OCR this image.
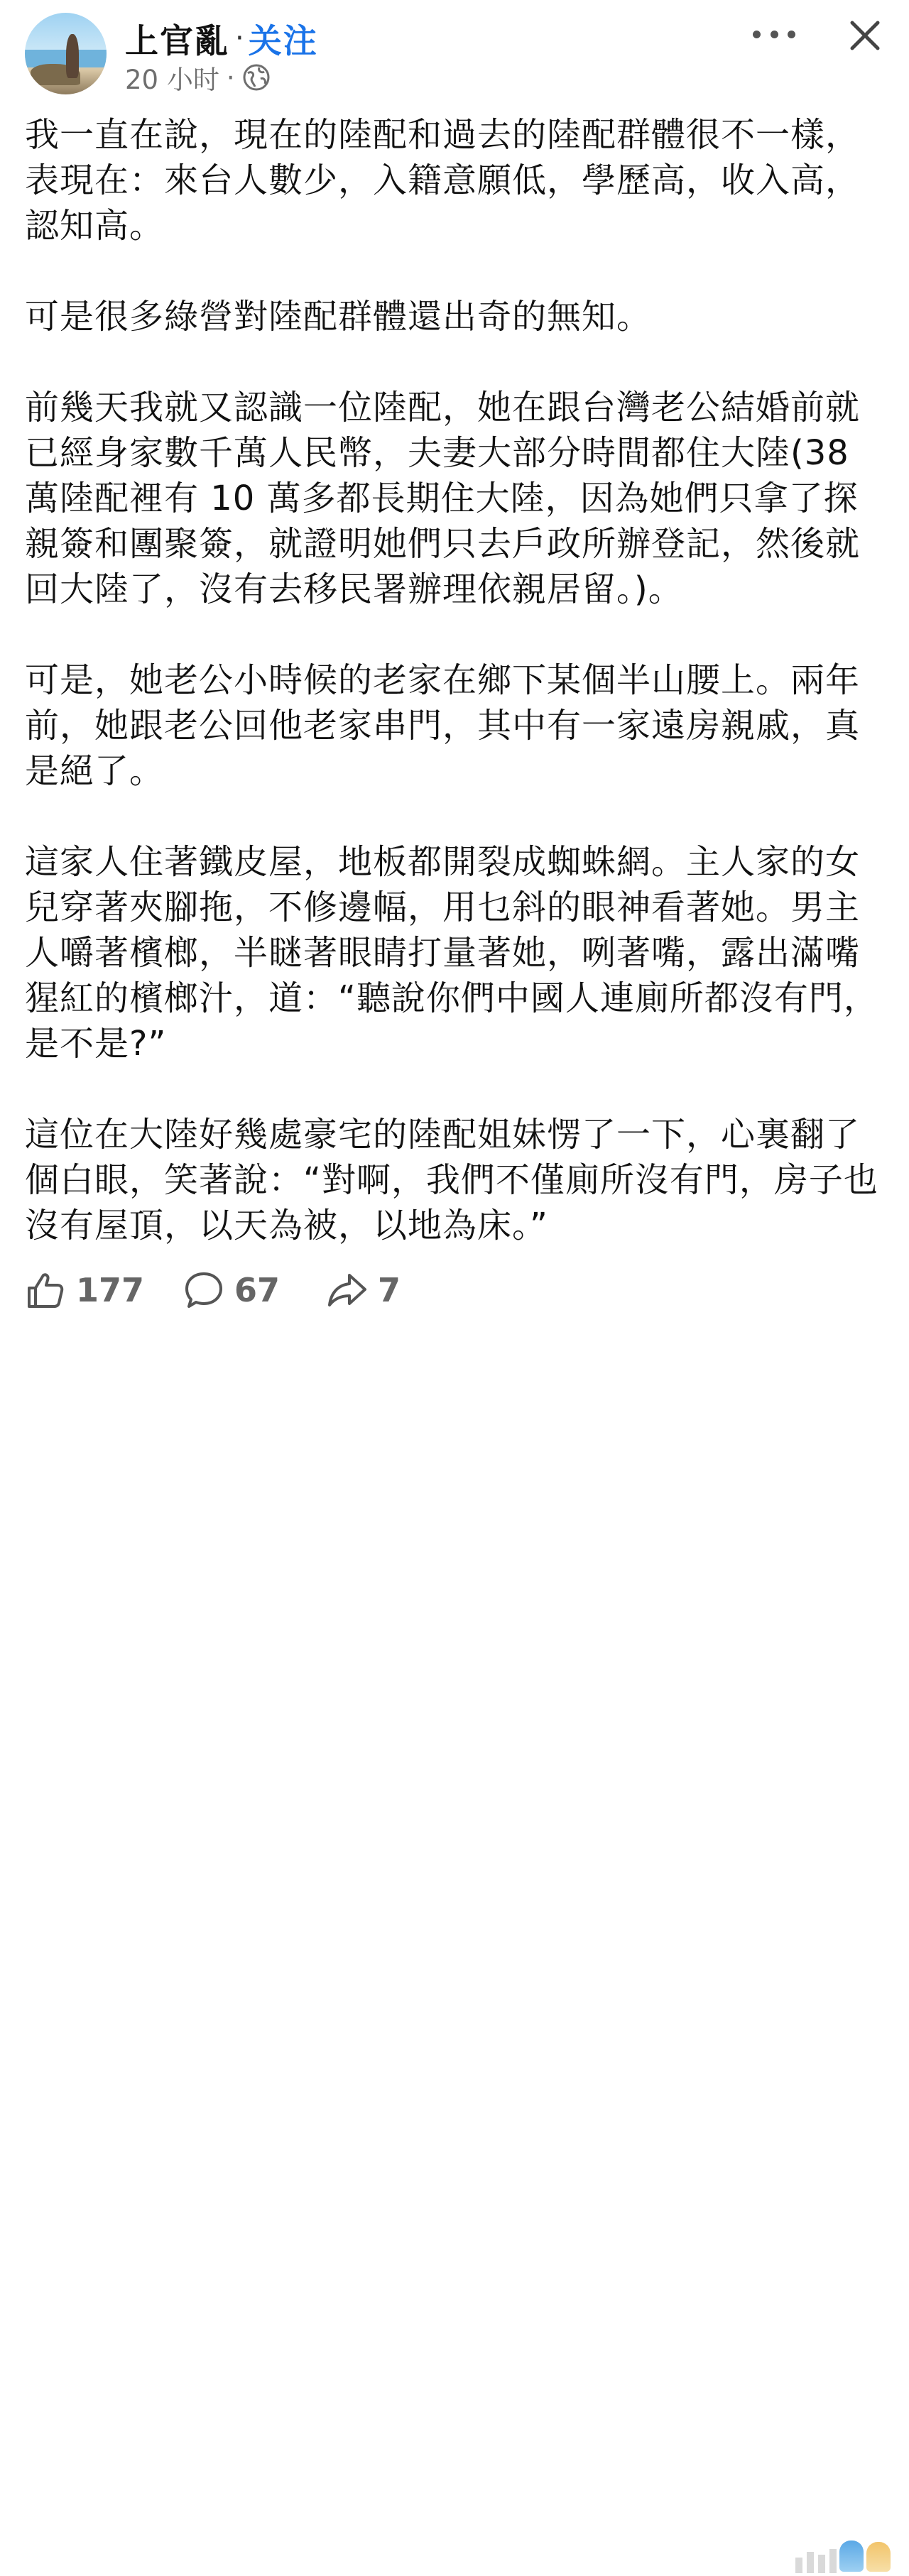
上官亂 · 关注
20 小时 ·

我一直在說，現在的陸配和過去的陸配群體很不一樣，表現在：來台人數少，入籍意願低，學歷高，收入高，認知高。

可是很多綠營對陸配群體還出奇的無知。

前幾天我就又認識一位陸配，她在跟台灣老公結婚前就已經身家數千萬人民幣，夫妻大部分時間都住大陸(38 萬陸配裡有 10 萬多都長期住大陸，因為她們只拿了探親簽和團聚簽，就證明她們只去戶政所辦登記，然後就回大陸了，沒有去移民署辦理依親居留。)。

可是，她老公小時候的老家在鄉下某個半山腰上。兩年前，她跟老公回他老家串門，其中有一家遠房親戚，真是絕了。

這家人住著鐵皮屋，地板都開裂成蜘蛛網。主人家的女兒穿著夾腳拖，不修邊幅，用乜斜的眼神看著她。男主人嚼著檳榔，半瞇著眼睛打量著她，咧著嘴，露出滿嘴猩紅的檳榔汁，道：“聽說你們中國人連廁所都沒有門，是不是?”

這位在大陸好幾處豪宅的陸配姐妹愣了一下，心裏翻了個白眼，笑著說：“對啊，我們不僅廁所沒有門，房子也沒有屋頂，以天為被，以地為床。”

177	67	7
